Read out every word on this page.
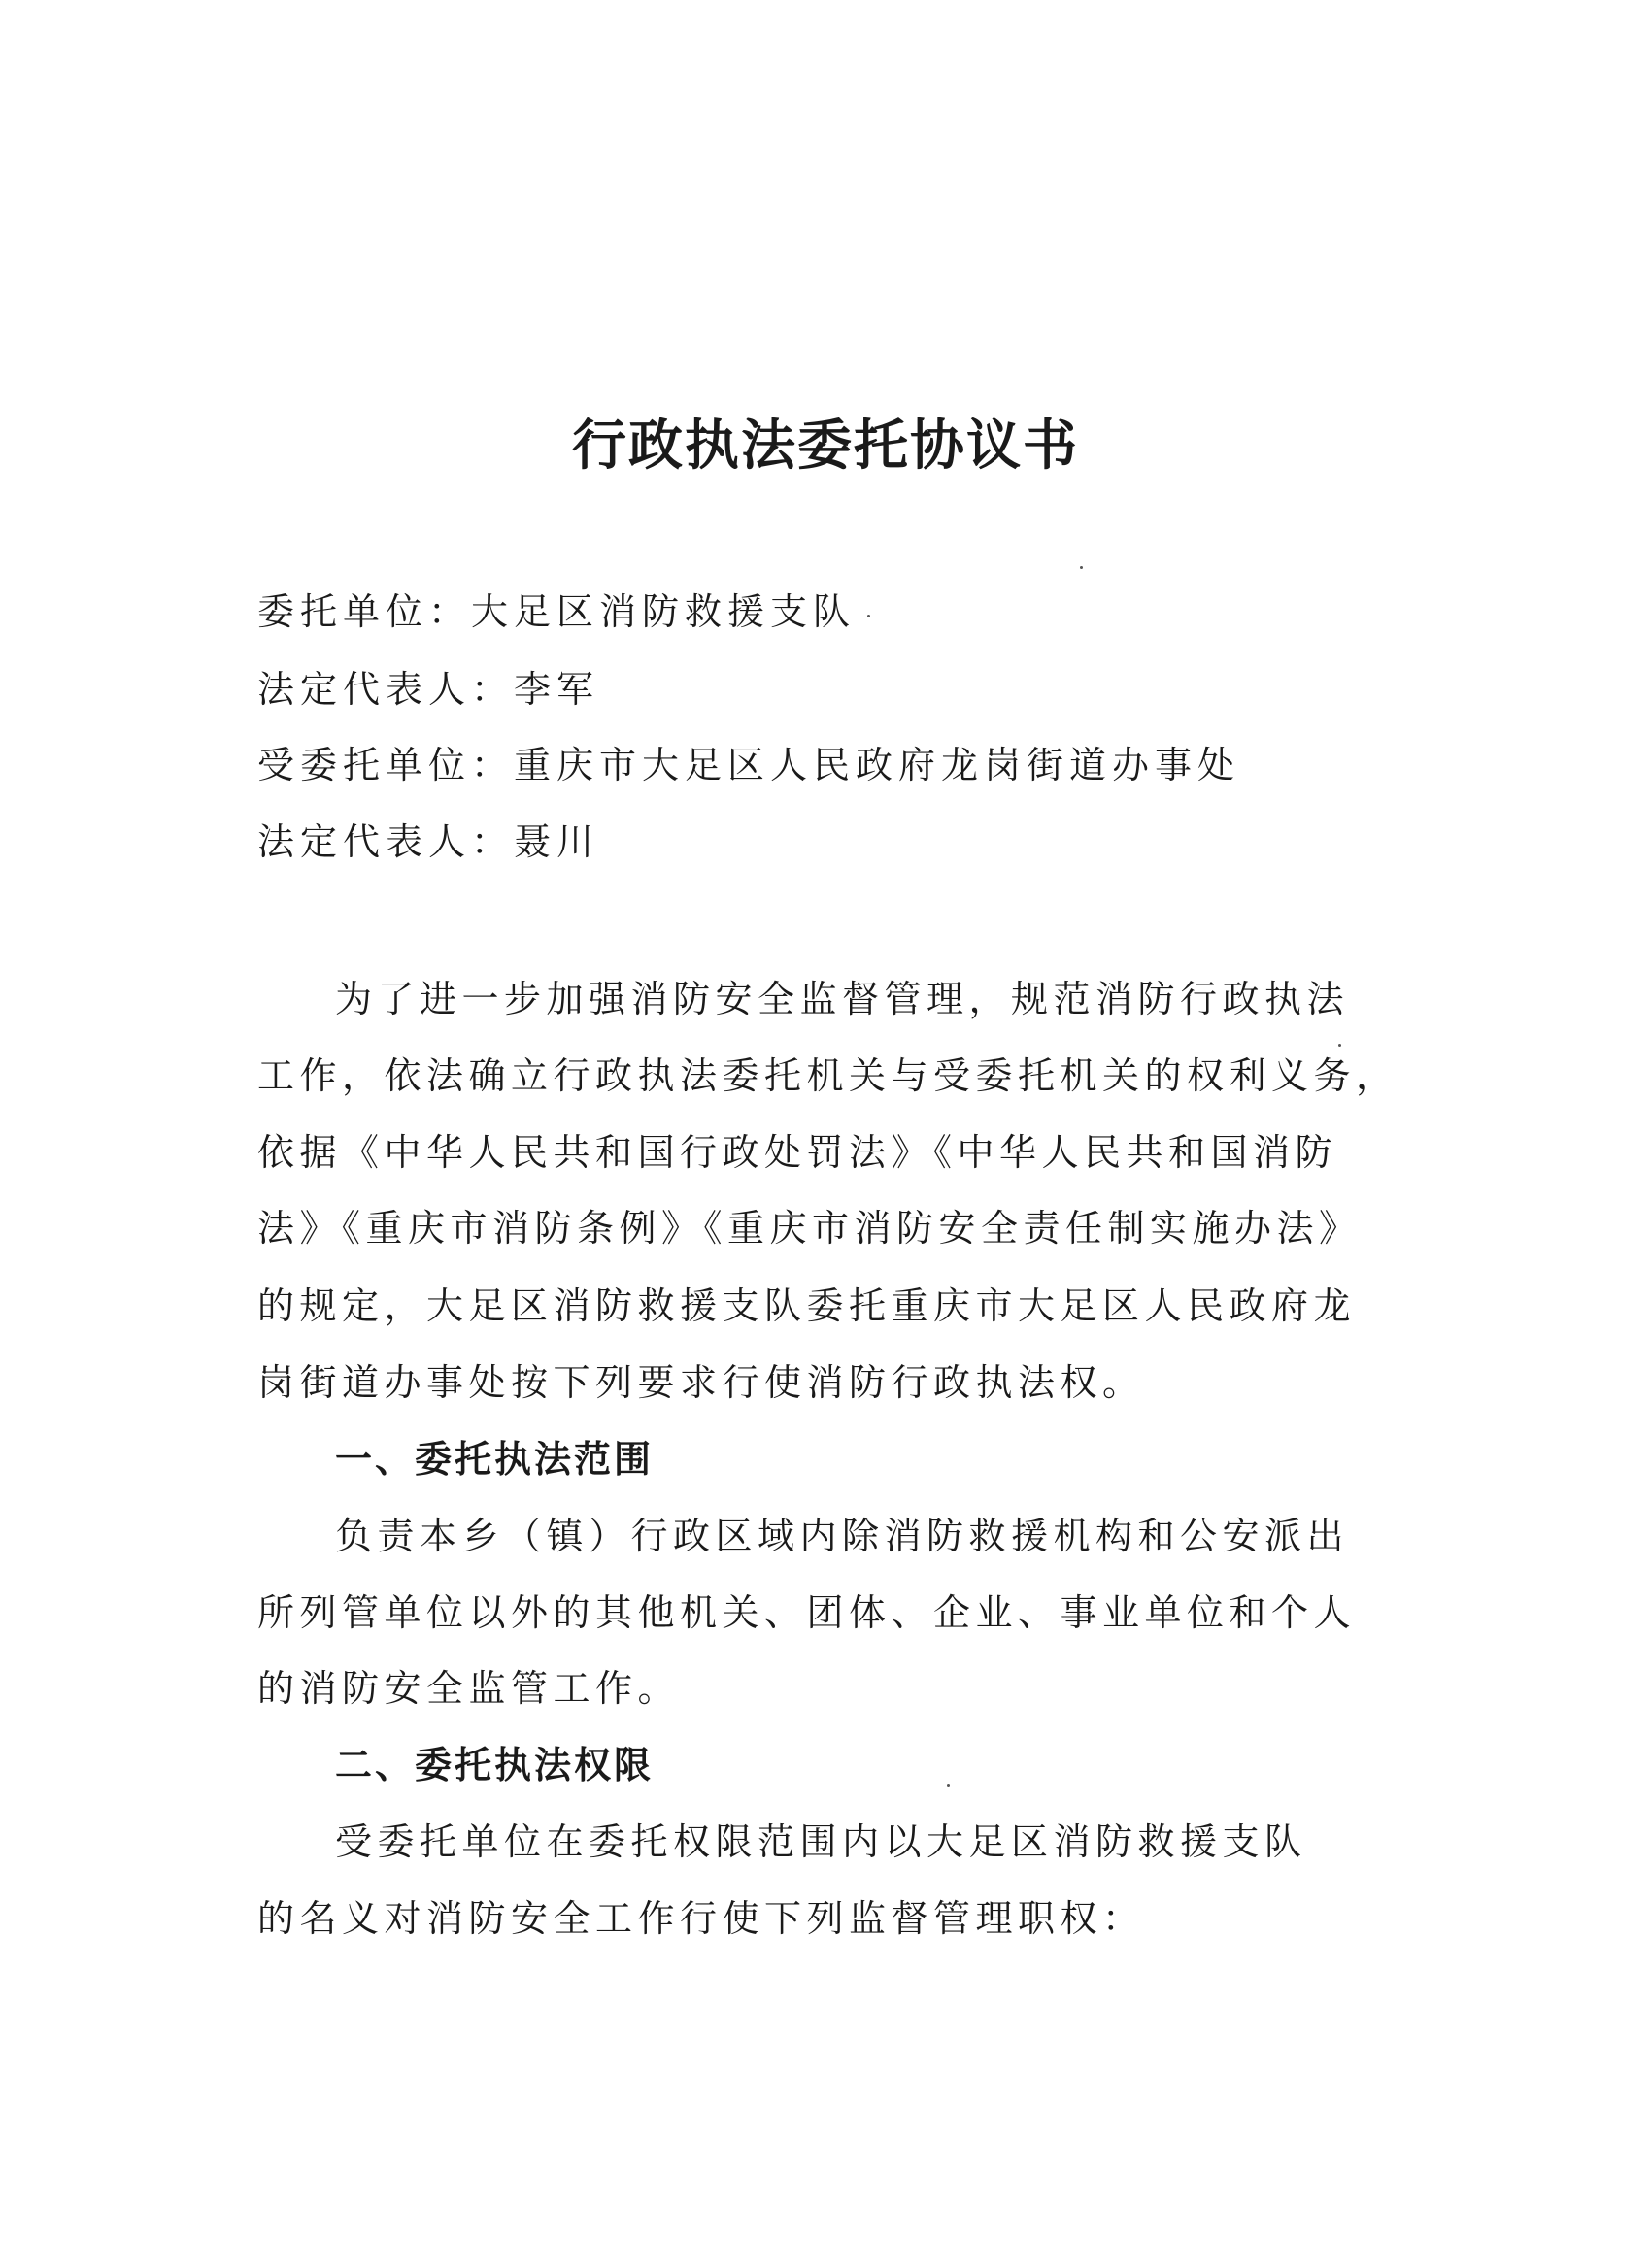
行政执法委托协议书
委托单位：大足区消防救援支队
法定代表人：李军
受委托单位：重庆市大足区人民政府龙岗街道办事处
法定代表人：聂川
为了进一步加强消防安全监督管理，规范消防行政执法
工作，依法确立行政执法委托机关与受委托机关的权利义务，
依据《中华人民共和国行政处罚法》《中华人民共和国消防
法》《重庆市消防条例》《重庆市消防安全责任制实施办法》
的规定，大足区消防救援支队委托重庆市大足区人民政府龙
岗街道办事处按下列要求行使消防行政执法权。
一、委托执法范围
负责本乡（镇）行政区域内除消防救援机构和公安派出
所列管单位以外的其他机关、团体、企业、事业单位和个人
的消防安全监管工作。
二、委托执法权限
受委托单位在委托权限范围内以大足区消防救援支队
的名义对消防安全工作行使下列监督管理职权：
